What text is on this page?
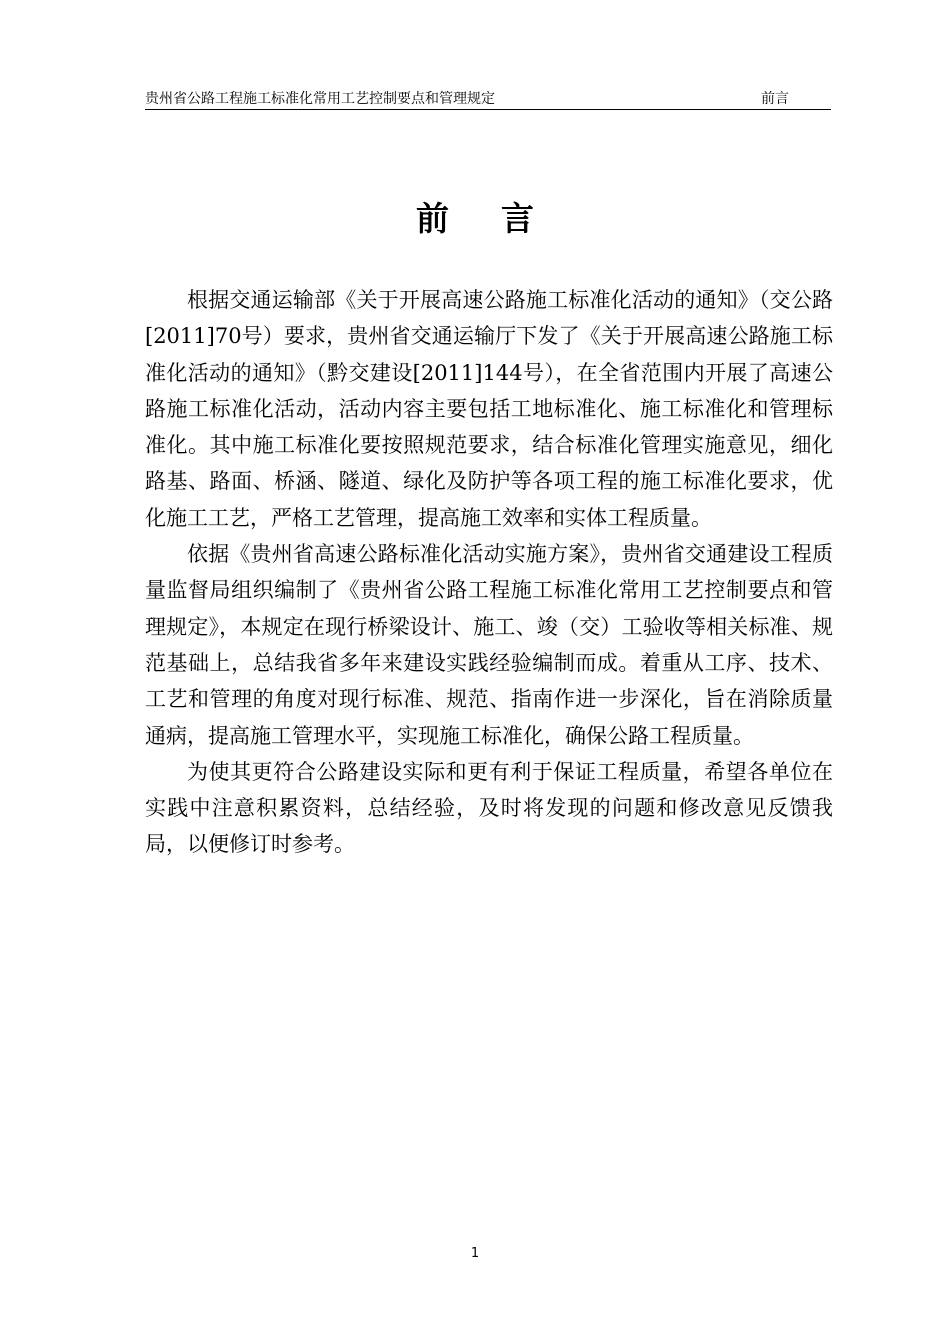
贵州省公路工程施工标准化常用工艺控制要点和管理规定	前言
前言

根据交通运输部《关于开展高速公路施工标准化活动的通知》（交公路[2011]70号）要求，贵州省交通运输厅下发了《关于开展高速公路施工标准化活动的通知》（黔交建设[2011]144号），在全省范围内开展了高速公路施工标准化活动，活动内容主要包括工地标准化、施工标准化和管理标准化。其中施工标准化要按照规范要求，结合标准化管理实施意见，细化路基、路面、桥涵、隧道、绿化及防护等各项工程的施工标准化要求，优化施工工艺，严格工艺管理，提高施工效率和实体工程质量。

依据《贵州省高速公路标准化活动实施方案》，贵州省交通建设工程质量监督局组织编制了《贵州省公路工程施工标准化常用工艺控制要点和管理规定》，本规定在现行桥梁设计、施工、竣（交）工验收等相关标准、规范基础上，总结我省多年来建设实践经验编制而成。着重从工序、技术、工艺和管理的角度对现行标准、规范、指南作进一步深化，旨在消除质量通病，提高施工管理水平，实现施工标准化，确保公路工程质量。

为使其更符合公路建设实际和更有利于保证工程质量，希望各单位在实践中注意积累资料，总结经验，及时将发现的问题和修改意见反馈我局，以便修订时参考。

1
